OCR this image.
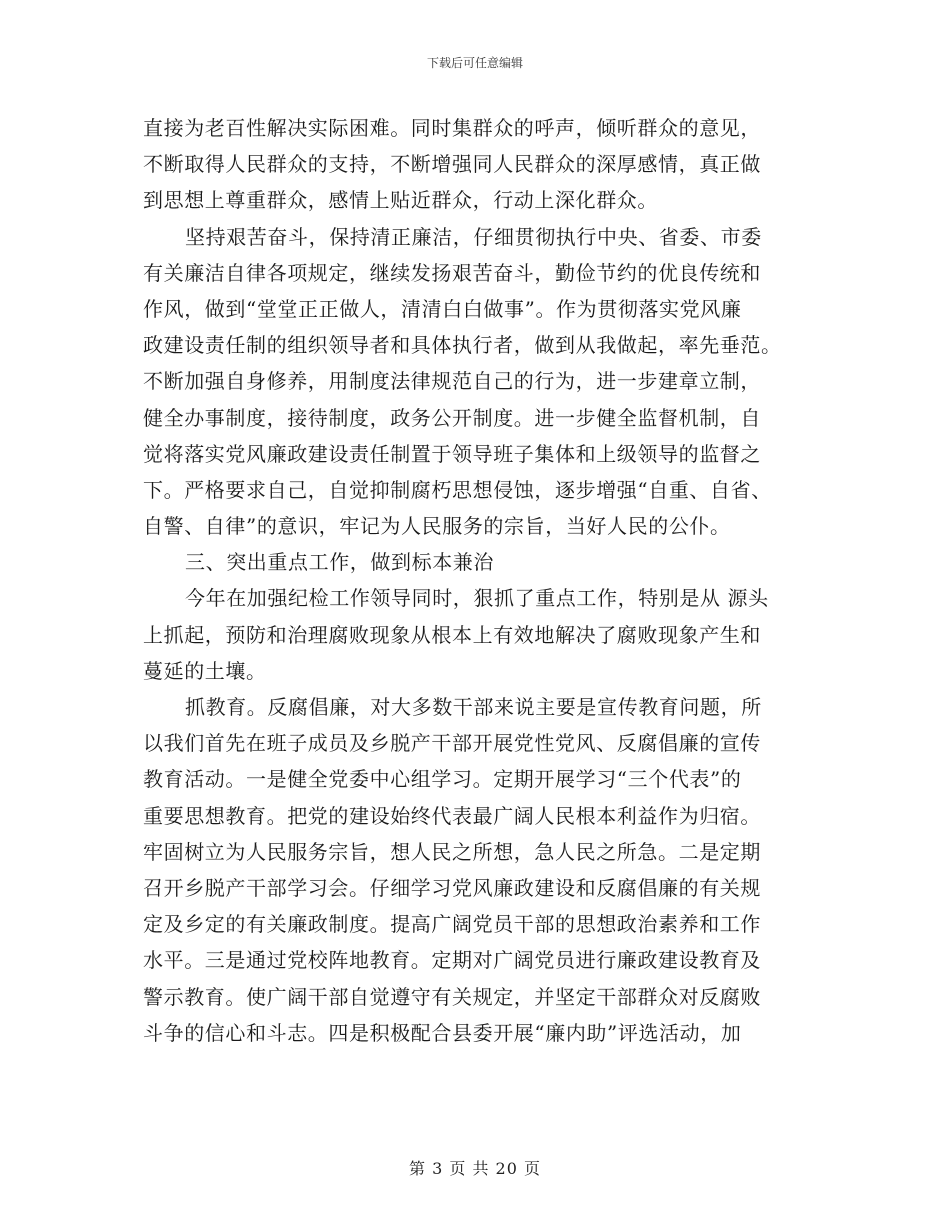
下载后可任意编辑
直接为老百性解决实际困难。同时集群众的呼声，倾听群众的意见，
不断取得人民群众的支持，不断增强同人民群众的深厚感情，真正做
到思想上尊重群众，感情上贴近群众，行动上深化群众。
坚持艰苦奋斗，保持清正廉洁，仔细贯彻执行中央、省委、市委
有关廉洁自律各项规定，继续发扬艰苦奋斗，勤俭节约的优良传统和
作风，做到“堂堂正正做人，清清白白做事”。作为贯彻落实党风廉
政建设责任制的组织领导者和具体执行者，做到从我做起，率先垂范。
不断加强自身修养，用制度法律规范自己的行为，进一步建章立制，
健全办事制度，接待制度，政务公开制度。进一步健全监督机制，自
觉将落实党风廉政建设责任制置于领导班子集体和上级领导的监督之
下。严格要求自己，自觉抑制腐朽思想侵蚀，逐步增强“自重、自省、
自警、自律”的意识，牢记为人民服务的宗旨，当好人民的公仆。
三、突出重点工作，做到标本兼治
今年在加强纪检工作领导同时，狠抓了重点工作，特别是从 源头
上抓起，预防和治理腐败现象从根本上有效地解决了腐败现象产生和
蔓延的土壤。
抓教育。反腐倡廉，对大多数干部来说主要是宣传教育问题，所
以我们首先在班子成员及乡脱产干部开展党性党风、反腐倡廉的宣传
教育活动。一是健全党委中心组学习。定期开展学习“三个代表”的
重要思想教育。把党的建设始终代表最广阔人民根本利益作为归宿。
牢固树立为人民服务宗旨，想人民之所想，急人民之所急。二是定期
召开乡脱产干部学习会。仔细学习党风廉政建设和反腐倡廉的有关规
定及乡定的有关廉政制度。提高广阔党员干部的思想政治素养和工作
水平。三是通过党校阵地教育。定期对广阔党员进行廉政建设教育及
警示教育。使广阔干部自觉遵守有关规定，并坚定干部群众对反腐败
斗争的信心和斗志。四是积极配合县委开展“廉内助”评选活动，加
第 3 页 共 20 页
